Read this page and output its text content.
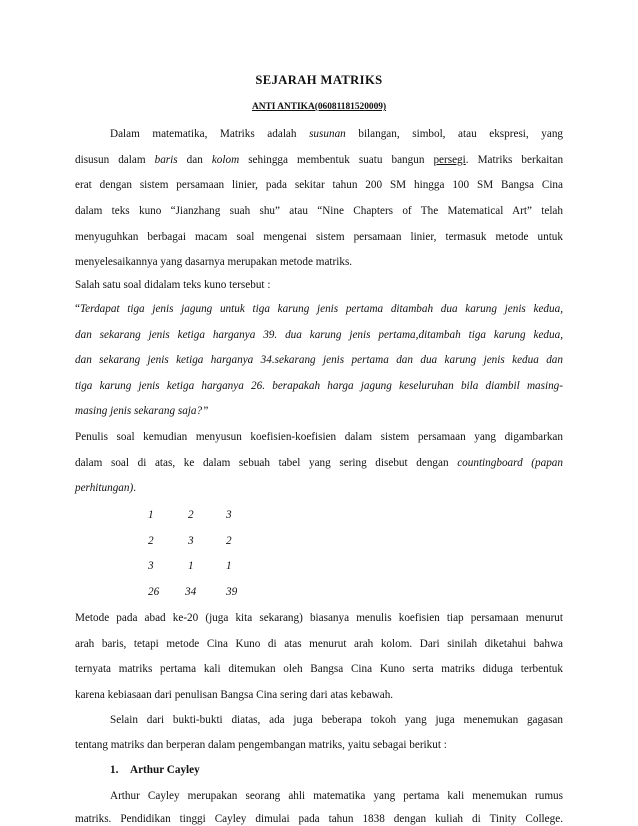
SEJARAH MATRIKS
ANTI ANTIKA(06081181520009)
Dalam matematika, Matriks adalah susunan bilangan, simbol, atau ekspresi, yang
disusun dalam baris dan kolom sehingga membentuk suatu bangun persegi. Matriks berkaitan
erat dengan sistem persamaan linier, pada sekitar tahun 200 SM hingga 100 SM Bangsa Cina
dalam teks kuno “Jianzhang suah shu” atau “Nine Chapters of The Matematical Art” telah
menyuguhkan berbagai macam soal mengenai sistem persamaan linier, termasuk metode untuk
menyelesaikannya yang dasarnya merupakan metode matriks.
Salah satu soal didalam teks kuno tersebut :
“Terdapat tiga jenis jagung untuk tiga karung jenis pertama ditambah dua karung jenis kedua,
dan sekarang jenis ketiga harganya 39. dua karung jenis pertama,ditambah tiga karung kedua,
dan sekarang jenis ketiga harganya 34.sekarang jenis pertama dan dua karung jenis kedua dan
tiga karung jenis ketiga harganya 26. berapakah harga jagung keseluruhan bila diambil masing-
masing jenis sekarang saja?”
Penulis soal kemudian menyusun koefisien-koefisien dalam sistem persamaan yang digambarkan
dalam soal di atas, ke dalam sebuah tabel yang sering disebut dengan countingboard (papan
perhitungan).
1	2	3
2	3	2
3	1	1
26	34	39
Metode pada abad ke-20 (juga kita sekarang) biasanya menulis koefisien tiap persamaan menurut
arah baris, tetapi metode Cina Kuno di atas menurut arah kolom. Dari sinilah diketahui bahwa
ternyata matriks pertama kali ditemukan oleh Bangsa Cina Kuno serta matriks diduga terbentuk
karena kebiasaan dari penulisan Bangsa Cina sering dari atas kebawah.
Selain dari bukti-bukti diatas, ada juga beberapa tokoh yang juga menemukan gagasan
tentang matriks dan berperan dalam pengembangan matriks, yaitu sebagai berikut :
1. Arthur Cayley
Arthur Cayley merupakan seorang ahli matematika yang pertama kali menemukan rumus
matriks. Pendidikan tinggi Cayley dimulai pada tahun 1838 dengan kuliah di Tinity College.
